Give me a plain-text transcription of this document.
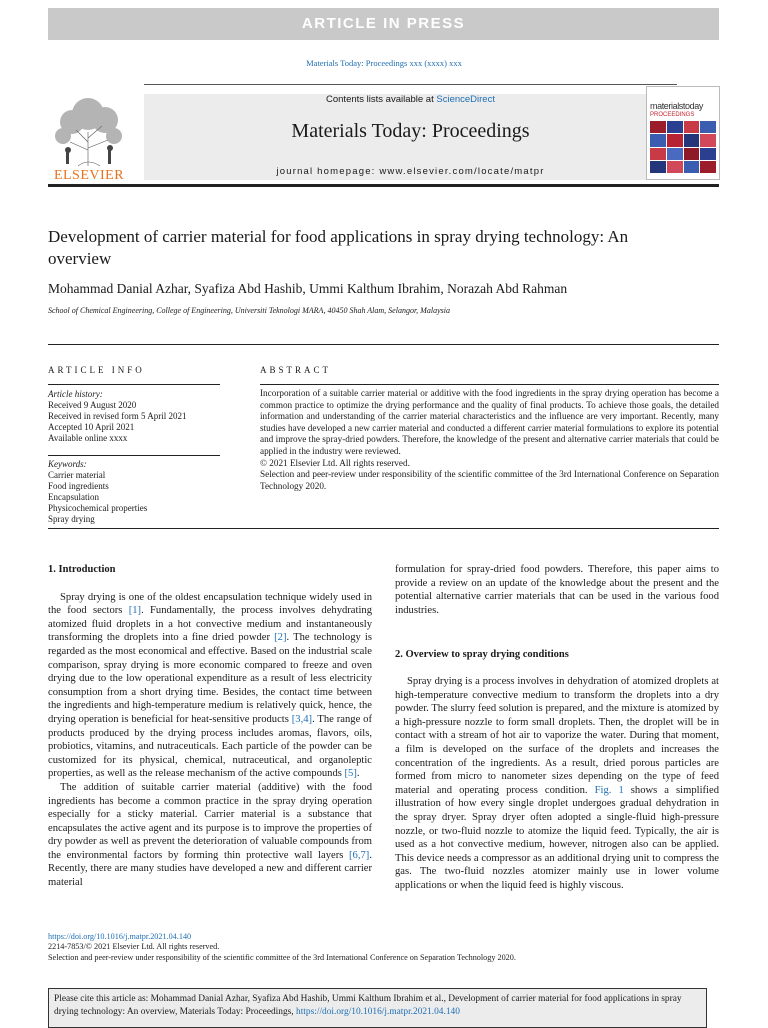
ARTICLE IN PRESS
Materials Today: Proceedings xxx (xxxx) xxx
ELSEVIER
Contents lists available at ScienceDirect
Materials Today: Proceedings
journal homepage: www.elsevier.com/locate/matpr
materialstoday
PROCEEDINGS
Development of carrier material for food applications in spray drying technology: An overview
Mohammad Danial Azhar, Syafiza Abd Hashib, Ummi Kalthum Ibrahim, Norazah Abd Rahman
School of Chemical Engineering, College of Engineering, Universiti Teknologi MARA, 40450 Shah Alam, Selangor, Malaysia
ARTICLE INFO	ABSTRACT
Article history:
Received 9 August 2020
Received in revised form 5 April 2021
Accepted 10 April 2021
Available online xxxx
Keywords:
Carrier material
Food ingredients
Encapsulation
Physicochemical properties
Spray drying

Incorporation of a suitable carrier material or additive with the food ingredients in the spray drying operation has become a common practice to optimize the drying performance and the quality of final products. To achieve those goals, the detailed information and understanding of the carrier material characteristics and the influence are very important. Recently, many studies have developed a new carrier material and conducted a different carrier material formulations to explore its potential and improve the spray-dried powders. Therefore, the knowledge of the present and alternative carrier materials that could be applied in the industry were reviewed.

© 2021 Elsevier Ltd. All rights reserved.

Selection and peer-review under responsibility of the scientific committee of the 3rd International Conference on Separation Technology 2020.

1. Introduction

Spray drying is one of the oldest encapsulation technique widely used in the food sectors [1]. Fundamentally, the process involves dehydrating atomized fluid droplets in a hot convective medium and instantaneously transforming the droplets into a fine dried powder [2]. The technology is regarded as the most economical and effective. Based on the industrial scale comparison, spray drying is more economic compared to freeze and oven drying due to the low operational expenditure as a result of less electricity consumption from a short drying time. Besides, the contact time between the ingredients and high-temperature medium is relatively quick, hence, the drying operation is beneficial for heat-sensitive products [3,4]. The range of products produced by the drying process includes aromas, flavors, oils, probiotics, vitamins, and nutraceuticals. Each particle of the powder can be customized for its physical, chemical, nutraceutical, and organoleptic properties, as well as the release mechanism of the active compounds [5].

The addition of suitable carrier material (additive) with the food ingredients has become a common practice in the spray drying operation especially for a sticky material. Carrier material is a substance that encapsulates the active agent and its purpose is to improve the properties of dry powder as well as prevent the deterioration of valuable compounds from the environmental factors by forming thin protective wall layers [6,7]. Recently, there are many studies have developed a new and different carrier material

formulation for spray-dried food powders. Therefore, this paper aims to provide a review on an update of the knowledge about the present and the potential alternative carrier materials that can be used in the various food industries.

2. Overview to spray drying conditions

Spray drying is a process involves in dehydration of atomized droplets at high-temperature convective medium to transform the droplets into a dry powder. The slurry feed solution is prepared, and the mixture is atomized by a high-pressure nozzle to form small droplets. Then, the droplet will be in contact with a stream of hot air to vaporize the water. During that moment, a film is developed on the surface of the droplets and increases the concentration of the ingredients. As a result, dried porous particles are formed from micro to nanometer sizes depending on the type of feed material and operating process condition. Fig. 1 shows a simplified illustration of how every single droplet undergoes gradual dehydration in the spray dryer. Spray dryer often adopted a single-fluid high-pressure nozzle, or two-fluid nozzle to atomize the liquid feed. Typically, the air is used as a hot convective medium, however, nitrogen also can be applied. This device needs a compressor as an additional drying unit to compress the gas. The two-fluid nozzles atomizer mainly use in lower volume applications or when the liquid feed is highly viscous.

https://doi.org/10.1016/j.matpr.2021.04.140
2214-7853/© 2021 Elsevier Ltd. All rights reserved.
Selection and peer-review under responsibility of the scientific committee of the 3rd International Conference on Separation Technology 2020.
Please cite this article as: Mohammad Danial Azhar, Syafiza Abd Hashib, Ummi Kalthum Ibrahim et al., Development of carrier material for food applications in spray drying technology: An overview, Materials Today: Proceedings, https://doi.org/10.1016/j.matpr.2021.04.140
